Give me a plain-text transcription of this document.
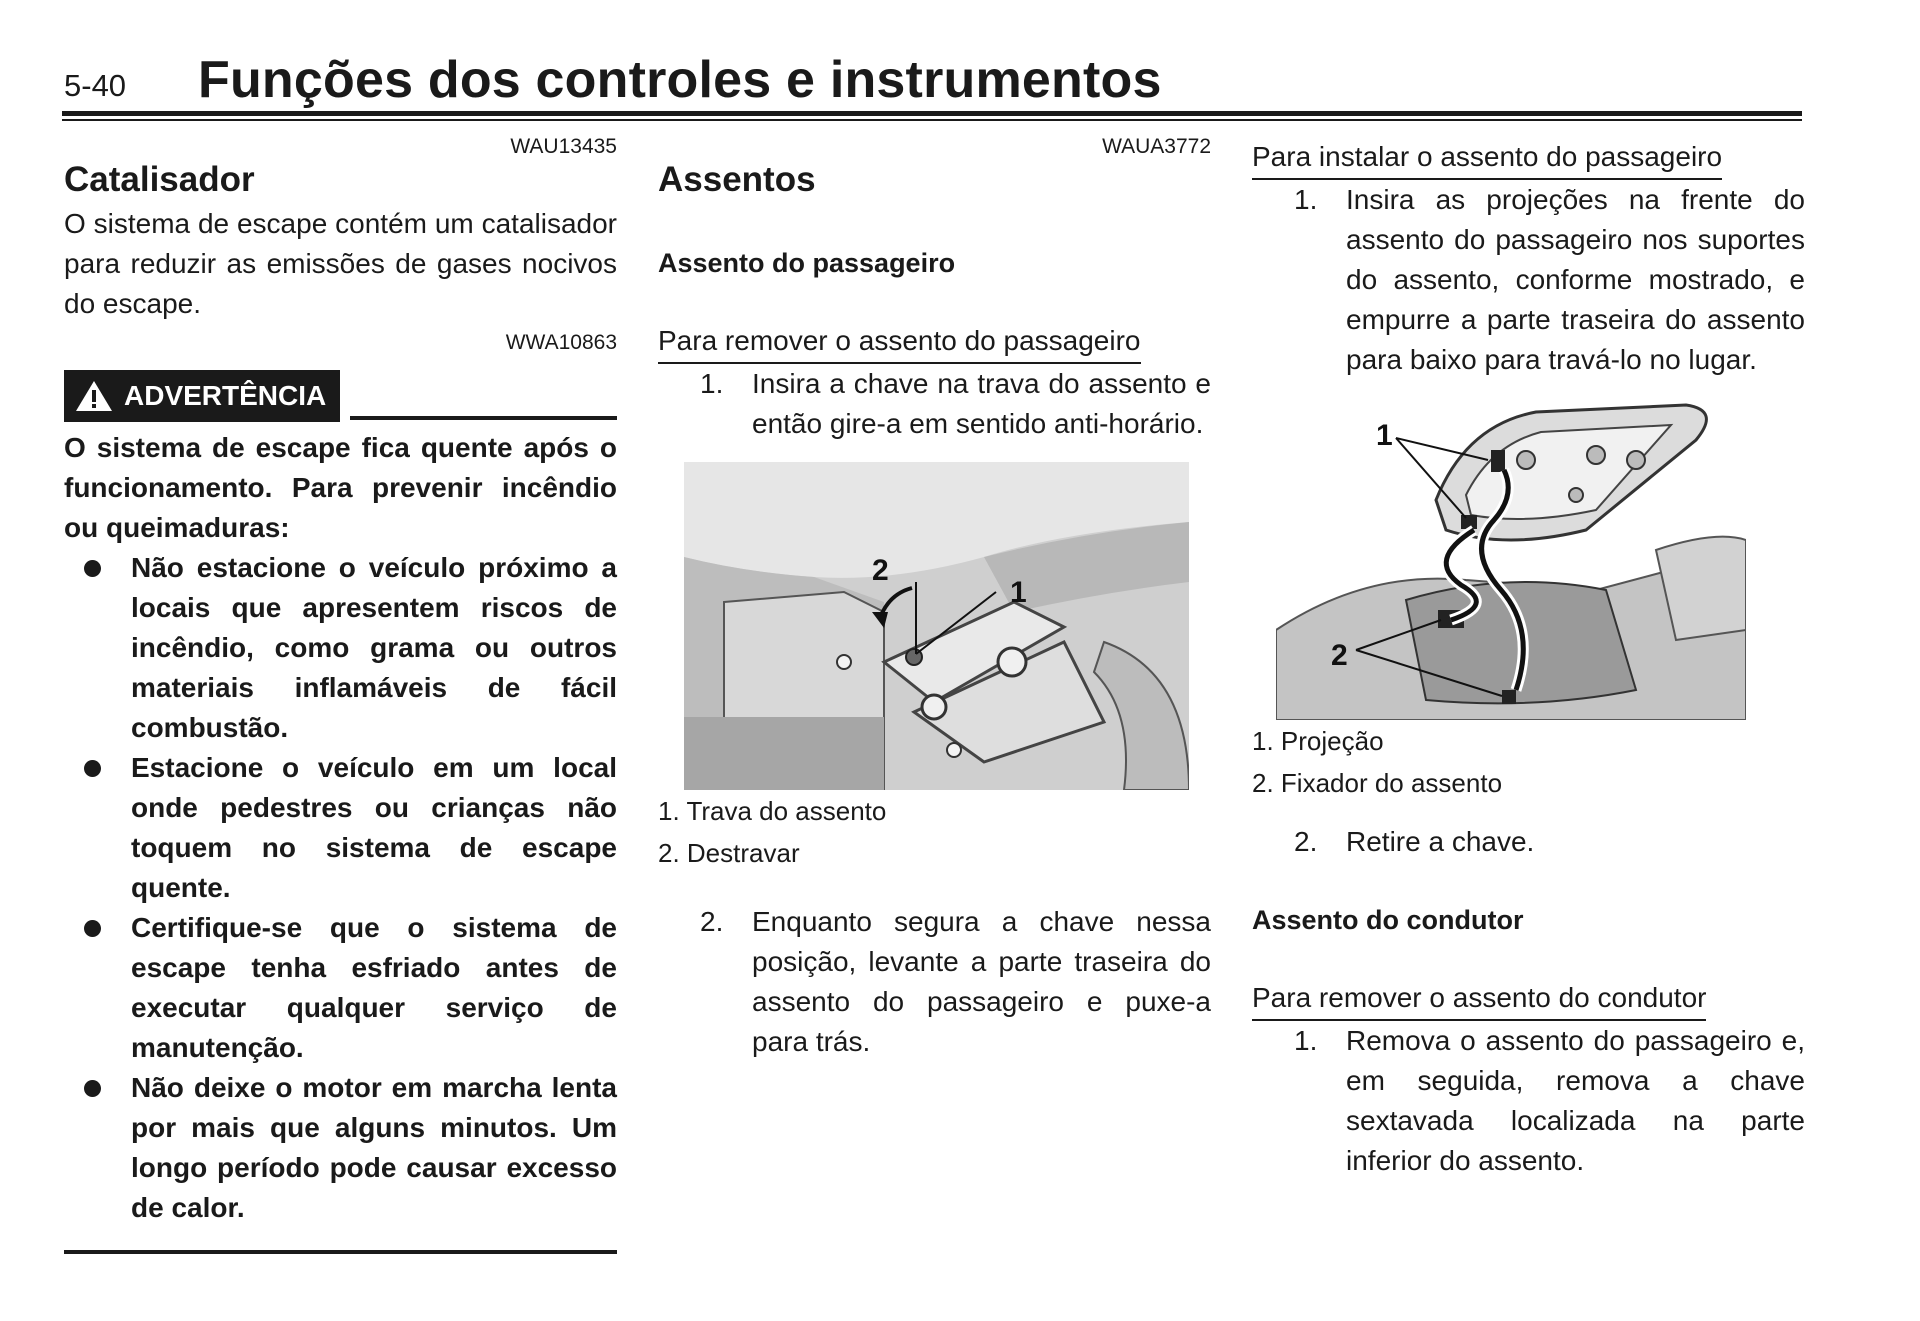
5-40 Funções dos controles e instrumentos
WAU13435
Catalisador
O sistema de escape contém um catalisador para reduzir as emissões de gases nocivos do escape.
WWA10863
ADVERTÊNCIA
O sistema de escape fica quente após o funcionamento. Para prevenir incêndio ou queimaduras:
Não estacione o veículo próximo a locais que apresentem riscos de incêndio, como grama ou outros materiais inflamáveis de fácil combustão.
Estacione o veículo em um local onde pedestres ou crianças não toquem no sistema de escape quente.
Certifique-se que o sistema de escape tenha esfriado antes de executar qualquer serviço de manutenção.
Não deixe o motor em marcha lenta por mais que alguns minutos. Um longo período pode causar excesso de calor.
WAUA3772
Assentos
Assento do passageiro
Para remover o assento do passageiro
1. Insira a chave na trava do assento e então gire-a em sentido anti-horário.
1
2
1. Trava do assento
2. Destravar
2. Enquanto segura a chave nessa posição, levante a parte traseira do assento do passageiro e puxe-a para trás.
Para instalar o assento do passageiro
1. Insira as projeções na frente do assento do passageiro nos suportes do assento, conforme mostrado, e empurre a parte traseira do assento para baixo para travá-lo no lugar.
1
2
1. Projeção
2. Fixador do assento
2. Retire a chave.
Assento do condutor
Para remover o assento do condutor
1. Remova o assento do passageiro e, em seguida, remova a chave sextavada localizada na parte inferior do assento.
